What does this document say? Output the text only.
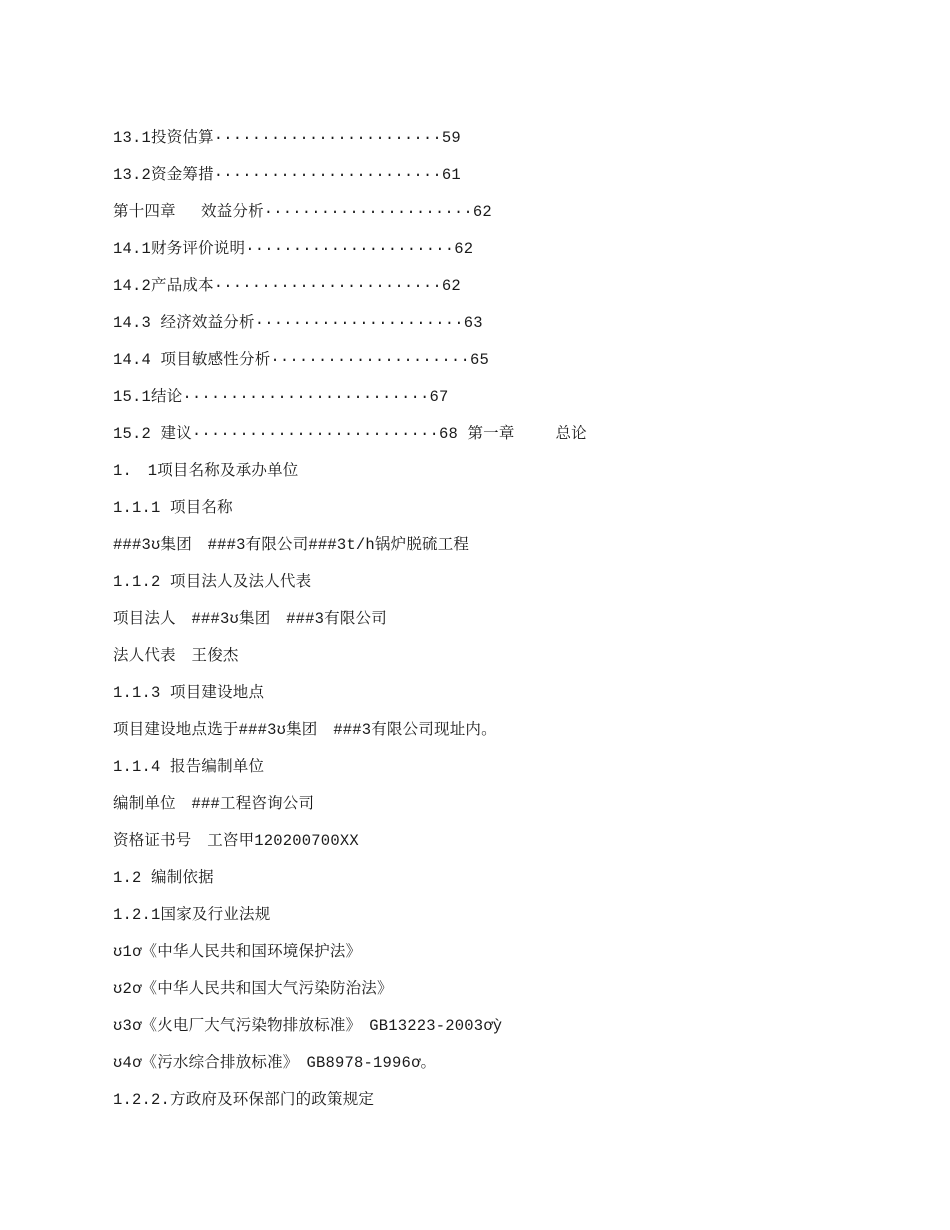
13.1投资估算························59
13.2资金筹措························61
第十四章　 效益分析······················62
14.1财务评价说明······················62
14.2产品成本························62
14.3 经济效益分析······················63
14.4 项目敏感性分析·····················65
15.1结论··························67
15.2 建议··························68 第一章　　 总论
1.　1项目名称及承办单位
1.1.1 项目名称
###3ʊ集团　###3有限公司###3t/h锅炉脱硫工程
1.1.2 项目法人及法人代表
项目法人　###3ʊ集团　###3有限公司
法人代表　王俊杰
1.1.3 项目建设地点
项目建设地点选于###3ʊ集团　###3有限公司现址内。
1.1.4 报告编制单位
编制单位　###工程咨询公司
资格证书号　工咨甲120200700XX
1.2 编制依据
1.2.1国家及行业法规
ʊ1ơ《中华人民共和国环境保护法》
ʊ2ơ《中华人民共和国大气污染防治法》
ʊ3ơ《火电厂大气污染物排放标准》　GB13223-2003ơỳ
ʊ4ơ《污水综合排放标准》　GB8978-1996ơ。
1.2.2.方政府及环保部门的政策规定
